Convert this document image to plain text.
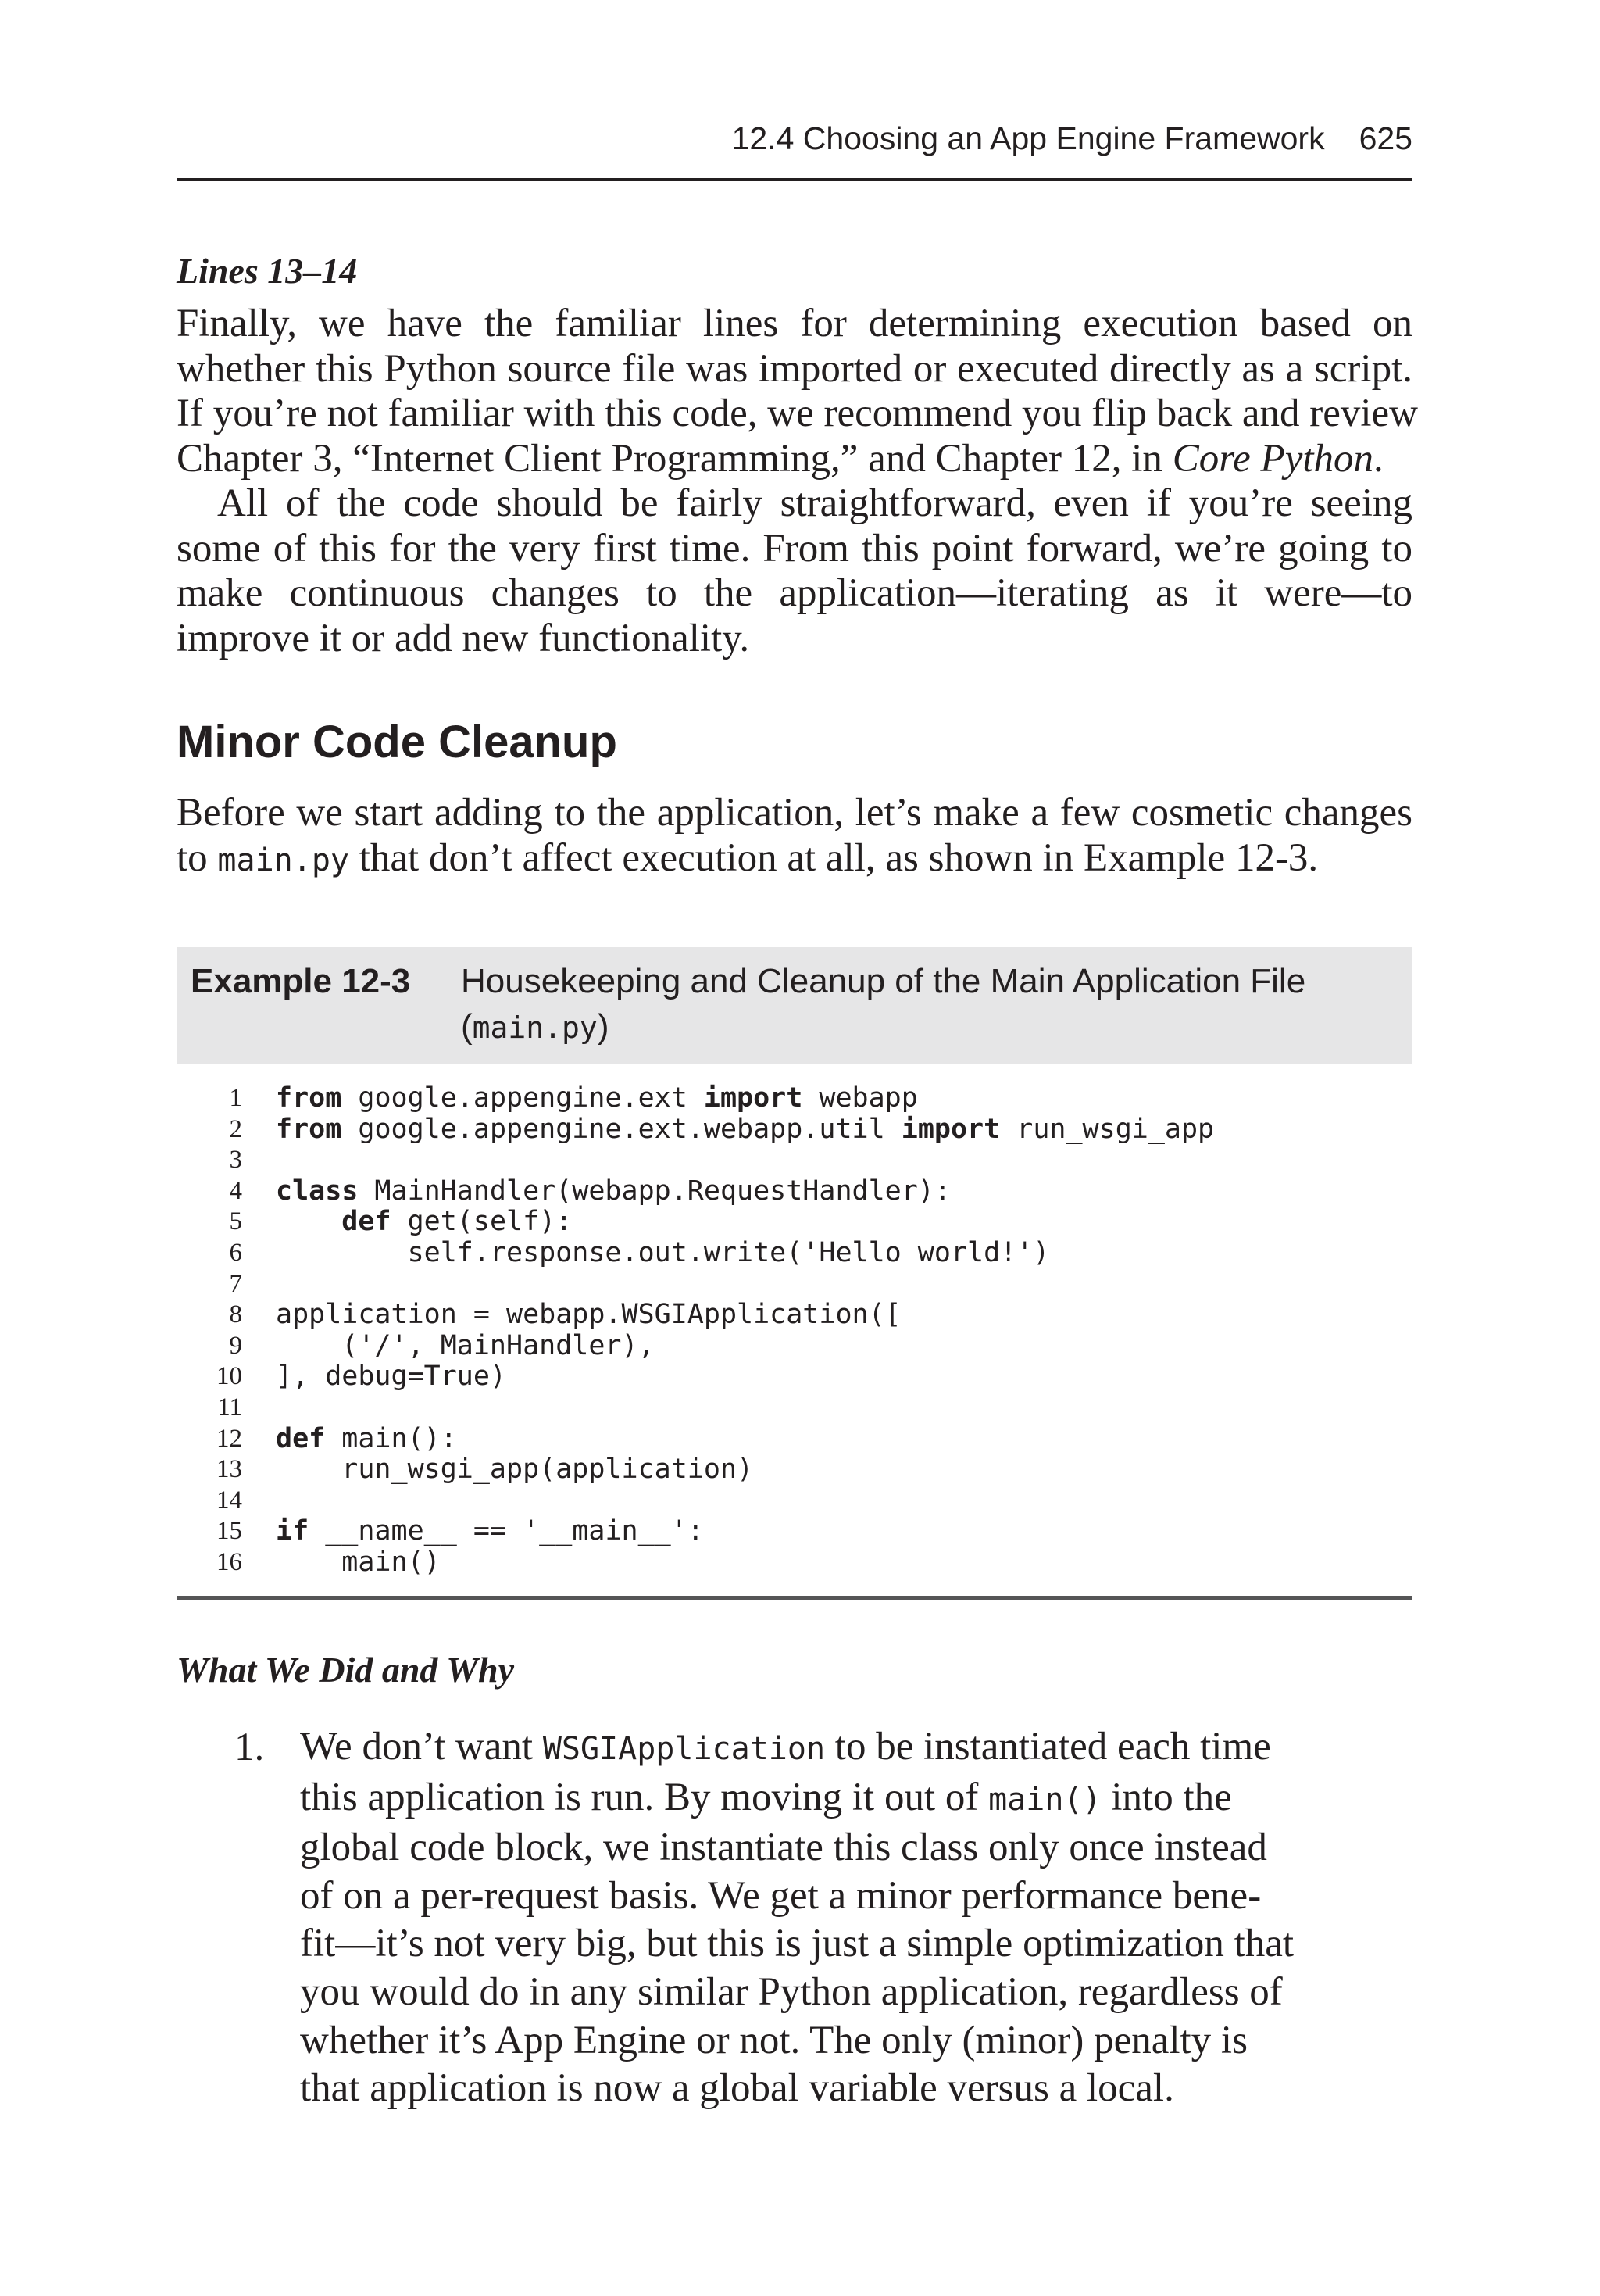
12.4 Choosing an App Engine Framework 625
Lines 13–14

Finally, we have the familiar lines for determining execution based on
whether this Python source file was imported or executed directly as a script.
If you’re not familiar with this code, we recommend you flip back and review
Chapter 3, “Internet Client Programming,” and Chapter 12, in Core Python.

All of the code should be fairly straightforward, even if you’re seeing
some of this for the very first time. From this point forward, we’re going to
make continuous changes to the application—iterating as it were—to
improve it or add new functionality.

Minor Code Cleanup

Before we start adding to the application, let’s make a few cosmetic changes
to main.py that don’t affect execution at all, as shown in Example 12-3.

Example 12-3 Housekeeping and Cleanup of the Main Application File
(main.py)
1 from google.appengine.ext import webapp
2 from google.appengine.ext.webapp.util import run_wsgi_app
3
4 class MainHandler(webapp.RequestHandler):
5	def get(self):
6 self.response.out.write('Hello world!')
7
8 application = webapp.WSGIApplication([
9 ('/', MainHandler),
10 ], debug=True)
11
12 def main():
13 run_wsgi_app(application)
14
15 if __name__ == '__main__':
16 main()
What We Did and Why
1. We don’t want WSGIApplication to be instantiated each time
this application is run. By moving it out of main() into the
global code block, we instantiate this class only once instead
of on a per-request basis. We get a minor performance bene-
fit—it’s not very big, but this is just a simple optimization that
you would do in any similar Python application, regardless of
whether it’s App Engine or not. The only (minor) penalty is
that application is now a global variable versus a local.
